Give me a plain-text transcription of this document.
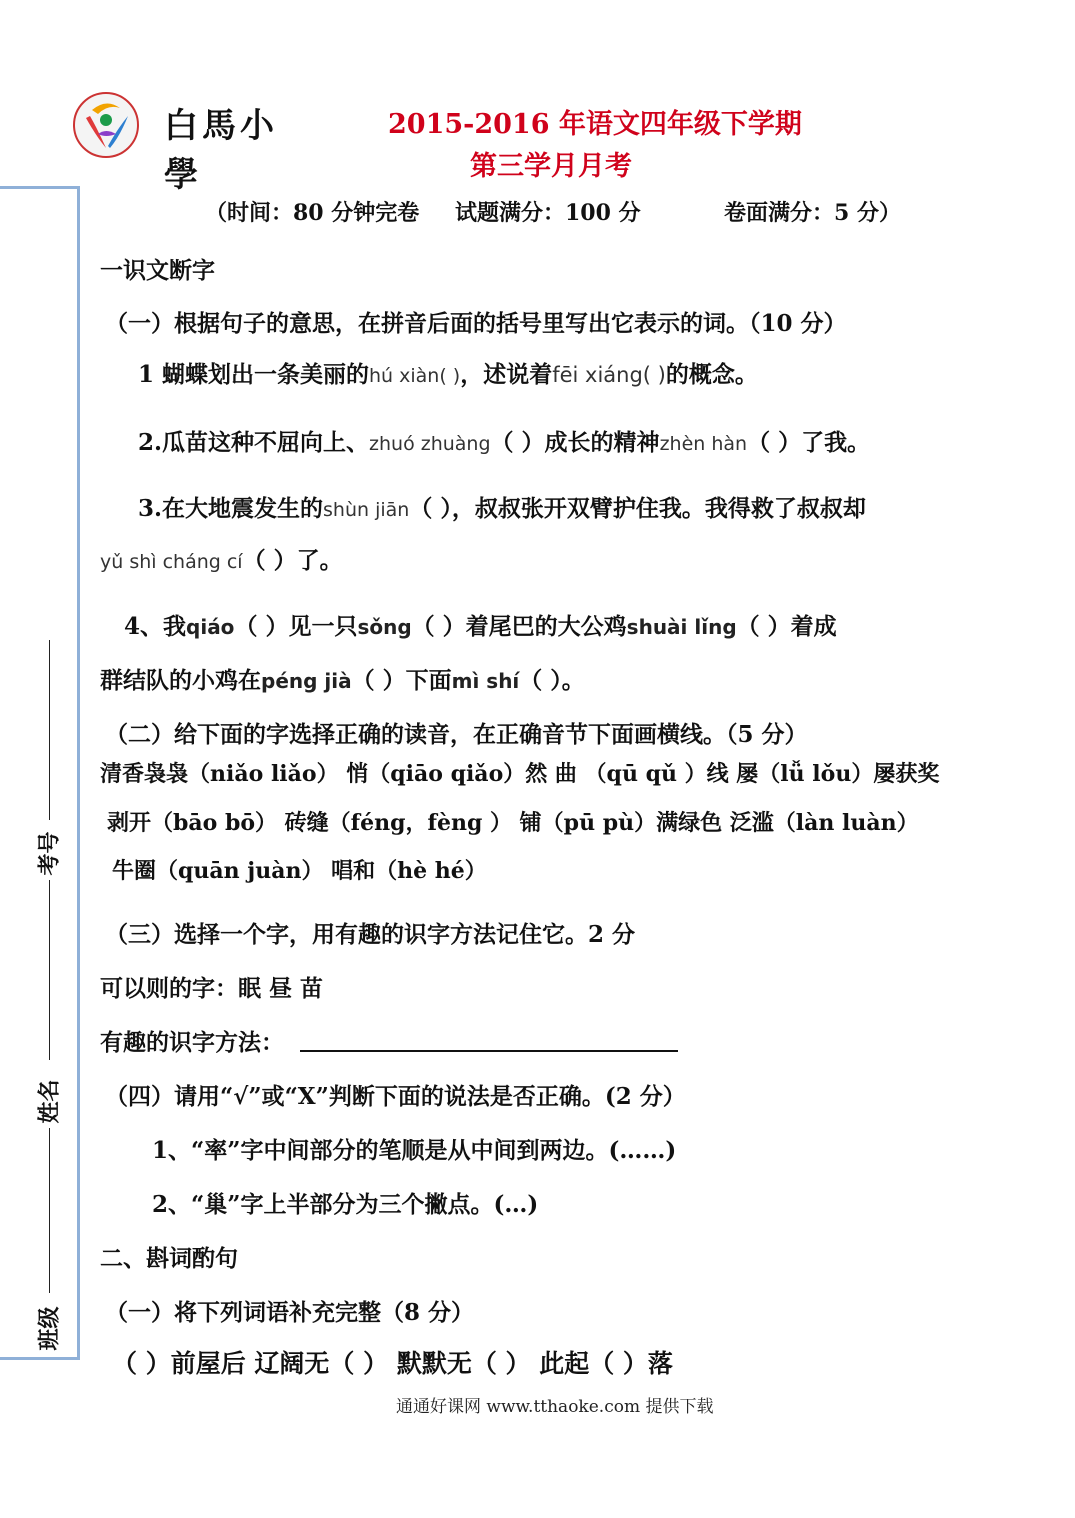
白馬小學
2015-2016 年语文四年级下学期
第三学月月考
（时间：80 分钟完卷 试题满分：100 分	卷面满分：5 分）
一识文断字
（一）根据句子的意思，在拼音后面的括号里写出它表示的词。（10 分）
1 蝴蝶划出一条美丽的hú xiàn( )，述说着fēi xiáng( )的概念。
2.瓜苗这种不屈向上、zhuó zhuàng（ ）成长的精神zhèn hàn（ ）了我。
3.在大地震发生的shùn jiān（ ），叔叔张开双臂护住我。我得救了叔叔却
yǔ shì cháng cí（ ）了。
4、我qiáo（ ）见一只sǒng（ ）着尾巴的大公鸡shuài lǐng（ ）着成
群结队的小鸡在péng jià（ ）下面mì shí（ ）。
（二）给下面的字选择正确的读音，在正确音节下面画横线。（5 分）
清香袅袅（niǎo liǎo） 悄（qiāo qiǎo）然 曲 （qū qǔ ）线 屡（lǚ lǒu）屡获奖
剥开（bāo bō） 砖缝（féng，fèng ） 铺（pū pù）满绿色 泛滥（làn luàn）
牛圈（quān juàn） 唱和（hè hé）
（三）选择一个字，用有趣的识字方法记住它。2 分
可以则的字：眠 昼 苗
有趣的识字方法：
（四）请用“√”或“X”判断下面的说法是否正确。(2 分）
1、“率”字中间部分的笔顺是从中间到两边。(……)
2、“巢”字上半部分为三个撇点。(…)
二、斟词酌句
（一）将下列词语补充完整（8 分）
（ ）前屋后 辽阔无（ ） 默默无（ ） 此起（ ）落
考号
姓名
班级
通通好课网 www.tthaoke.com 提供下载
